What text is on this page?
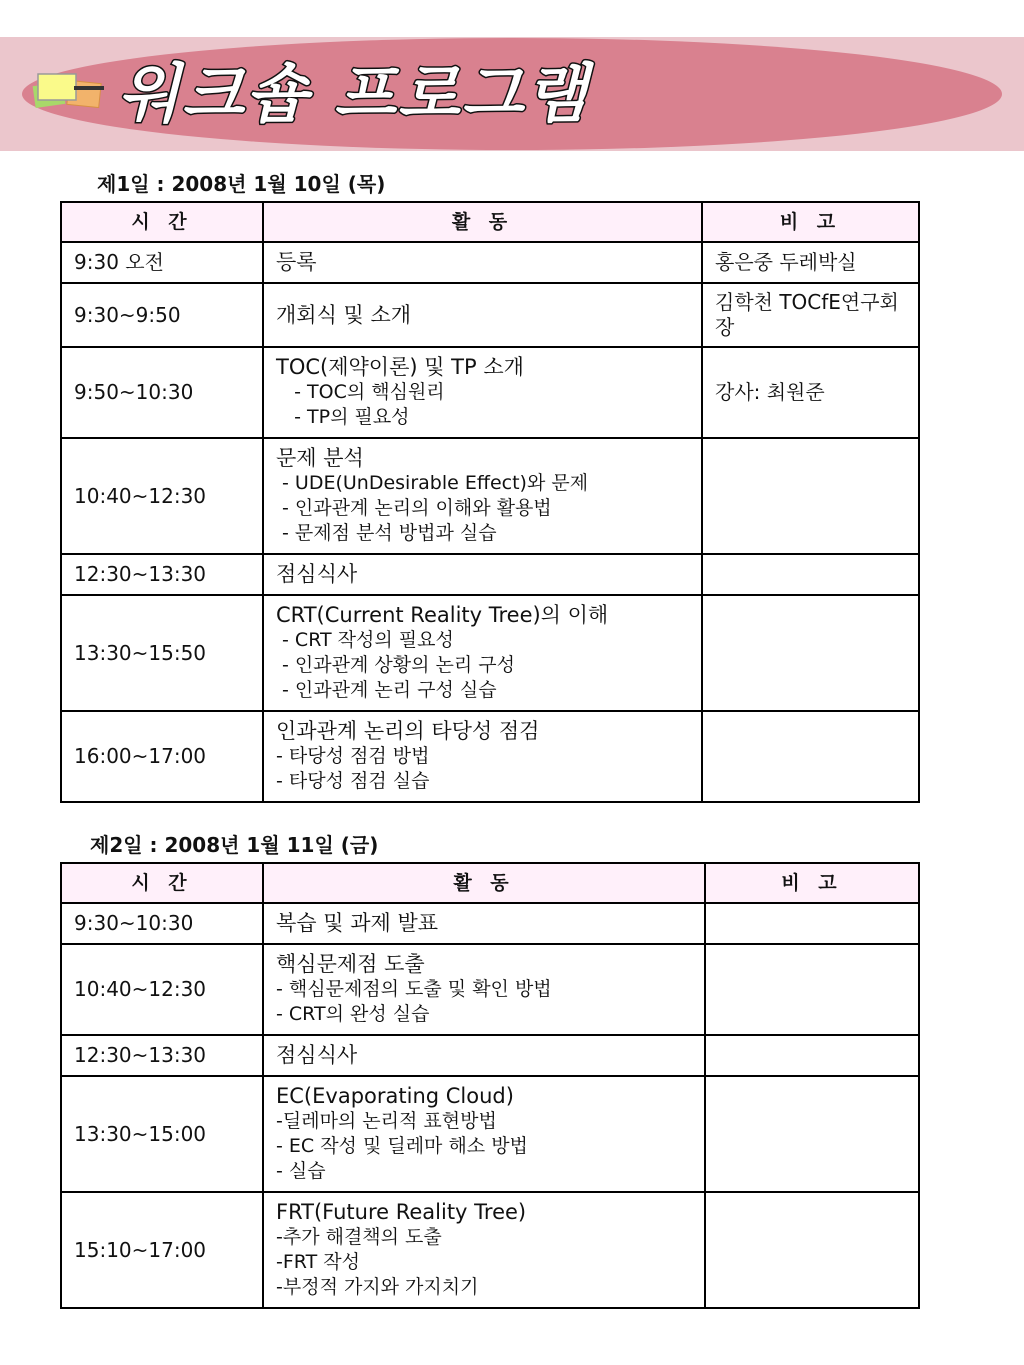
워크숍 프로그램
제1일 : 2008년 1월 10일 (목)
시 간	활 동	비 고
9:30 오전	등록	홍은중 두레박실
9:30~9:50	개회식 및 소개	김학천 TOCfE연구회장
9:50~10:30	TOC(제약이론) 및 TP 소개
- TOC의 핵심원리
- TP의 필요성	강사: 최원준
10:40~12:30	문제 분석
- UDE(UnDesirable Effect)와 문제
- 인과관계 논리의 이해와 활용법
- 문제점 분석 방법과 실습	

12:30~13:30	점심식사	

13:30~15:50	CRT(Current Reality Tree)의 이해
- CRT 작성의 필요성
- 인과관계 상황의 논리 구성
- 인과관계 논리 구성 실습	

16:00~17:00	인과관계 논리의 타당성 점검
- 타당성 점검 방법
- 타당성 점검 실습	

제2일 : 2008년 1월 11일 (금)
시 간	활 동	비 고
9:30~10:30	복습 및 과제 발표	

10:40~12:30	핵심문제점 도출
- 핵심문제점의 도출 및 확인 방법
- CRT의 완성 실습	

12:30~13:30	점심식사	

13:30~15:00	EC(Evaporating Cloud)
-딜레마의 논리적 표현방법
- EC 작성 및 딜레마 해소 방법
- 실습	

15:10~17:00	FRT(Future Reality Tree)
-추가 해결책의 도출
-FRT 작성
-부정적 가지와 가지치기	
